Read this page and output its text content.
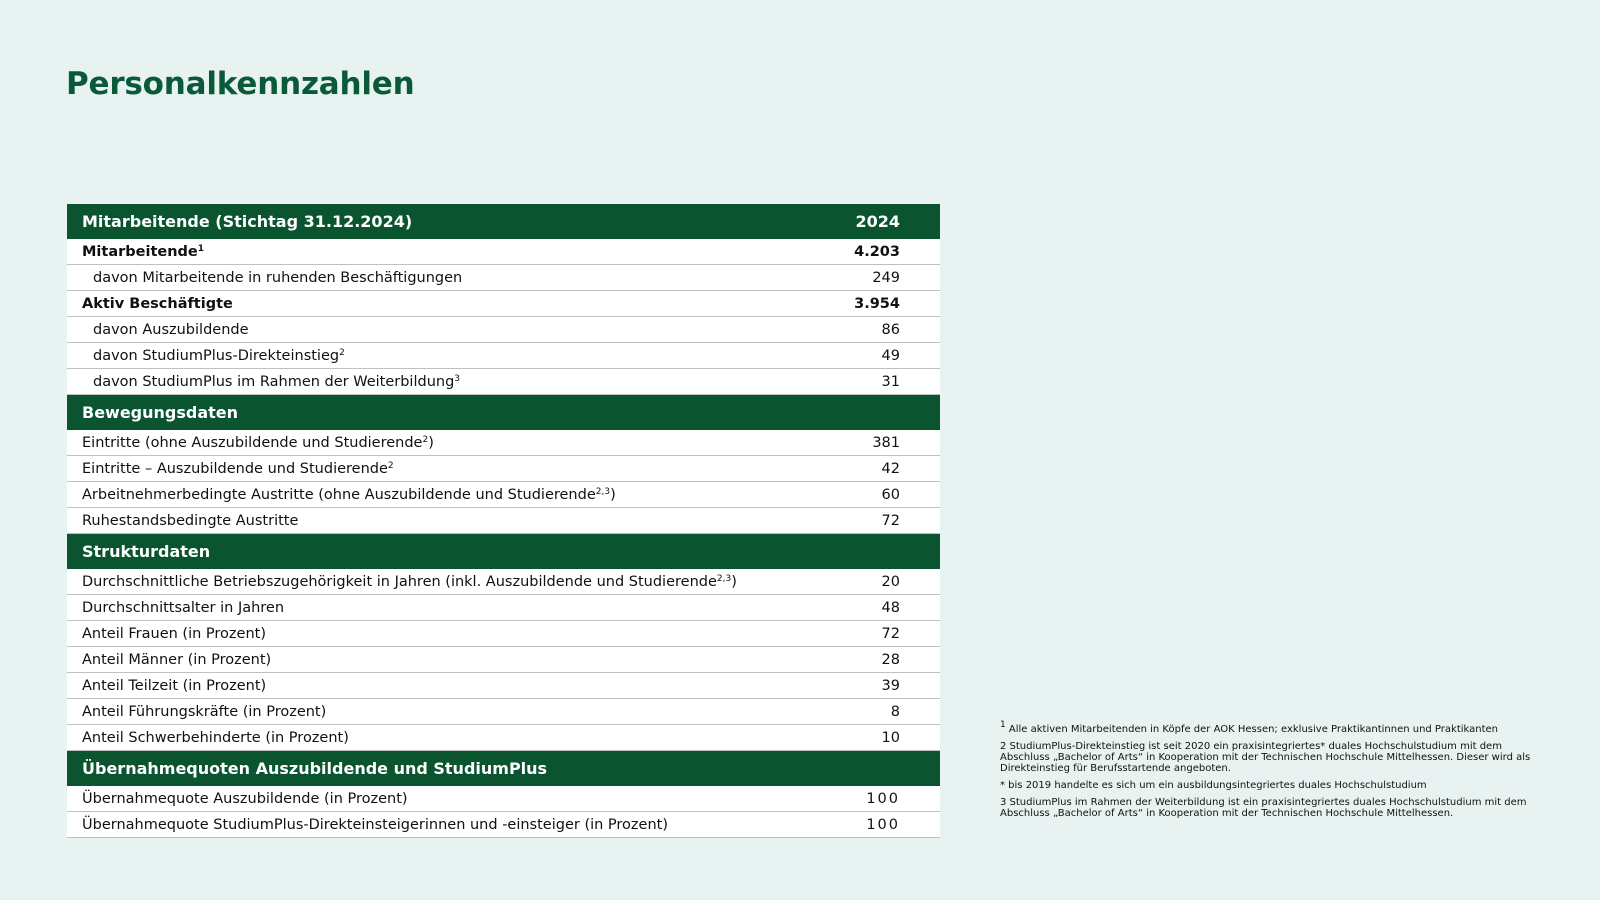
Personalkennzahlen
Mitarbeitende (Stichtag 31.12.2024)	2024
Mitarbeitende$^1$	4.203
davon Mitarbeitende in ruhenden Beschäftigungen	249
Aktiv Beschäftigte	3.954
davon Auszubildende	86
davon StudiumPlus-Direkteinstieg$^2$	49
davon StudiumPlus im Rahmen der Weiterbildung$^3$	31
Bewegungsdaten	
Eintritte (ohne Auszubildende und Studierende$^2$)	381
Eintritte – Auszubildende und Studierende$^2$	42
Arbeitnehmerbedingte Austritte (ohne Auszubildende und Studierende$^{2,3}$)	60
Ruhestandsbedingte Austritte	72
Strukturdaten	
Durchschnittliche Betriebszugehörigkeit in Jahren (inkl. Auszubildende und Studierende$^{2,3}$)	20
Durchschnittsalter in Jahren	48
Anteil Frauen (in Prozent)	72
Anteil Männer (in Prozent)	28
Anteil Teilzeit (in Prozent)	39
Anteil Führungskräfte (in Prozent)	8
Anteil Schwerbehinderte (in Prozent)	10
Übernahmequoten Auszubildende und StudiumPlus	
Übernahmequote Auszubildende (in Prozent)	100
Übernahmequote StudiumPlus-Direkteinsteigerinnen und -einsteiger (in Prozent)	100

$^1$ Alle aktiven Mitarbeitenden in Köpfe der AOK Hessen; exklusive Praktikantinnen und Praktikanten

2 StudiumPlus-Direkteinstieg ist seit 2020 ein praxisintegriertes* duales Hochschulstudium mit dem Abschluss „Bachelor of Arts“ in Kooperation mit der Technischen Hochschule Mittelhessen. Dieser wird als Direkteinstieg für Berufsstartende angeboten.

* bis 2019 handelte es sich um ein ausbildungsintegriertes duales Hochschulstudium

3 StudiumPlus im Rahmen der Weiterbildung ist ein praxisintegriertes duales Hochschulstudium mit dem Abschluss „Bachelor of Arts“ in Kooperation mit der Technischen Hochschule Mittelhessen.
